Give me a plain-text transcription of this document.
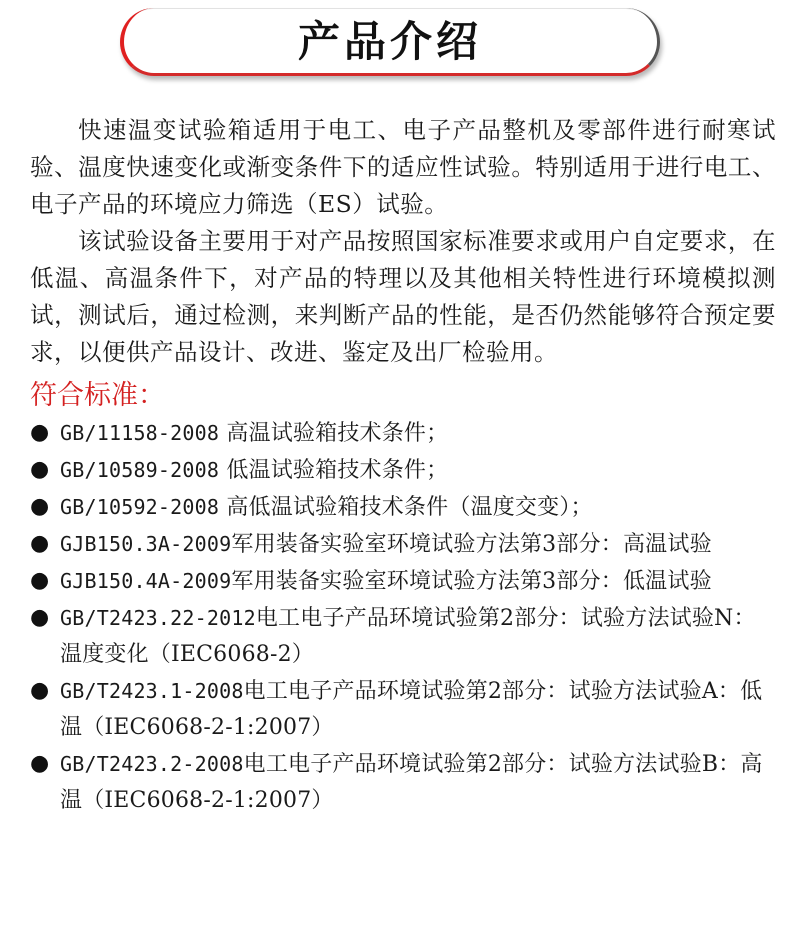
产品介绍

快速温变试验箱适用于电工、电子产品整机及零部件进行耐寒试验、温度快速变化或渐变条件下的适应性试验。特别适用于进行电工、电子产品的环境应力筛选（ES）试验。

该试验设备主要用于对产品按照国家标准要求或用户自定要求，在低温、高温条件下，对产品的特理以及其他相关特性进行环境模拟测试，测试后，通过检测，来判断产品的性能，是否仍然能够符合预定要求，以便供产品设计、改进、鉴定及出厂检验用。

符合标准：
● GB/11158-2008 高温试验箱技术条件；
● GB/10589-2008 低温试验箱技术条件；
● GB/10592-2008 高低温试验箱技术条件（温度交变）；
● GJB150.3A-2009军用装备实验室环境试验方法第3部分：高温试验
● GJB150.4A-2009军用装备实验室环境试验方法第3部分：低温试验
● GB/T2423.22-2012电工电子产品环境试验第2部分：试验方法试验N：温度变化（IEC6068-2）
● GB/T2423.1-2008电工电子产品环境试验第2部分：试验方法试验A：低温（IEC6068-2-1:2007）
● GB/T2423.2-2008电工电子产品环境试验第2部分：试验方法试验B：高温（IEC6068-2-1:2007）
